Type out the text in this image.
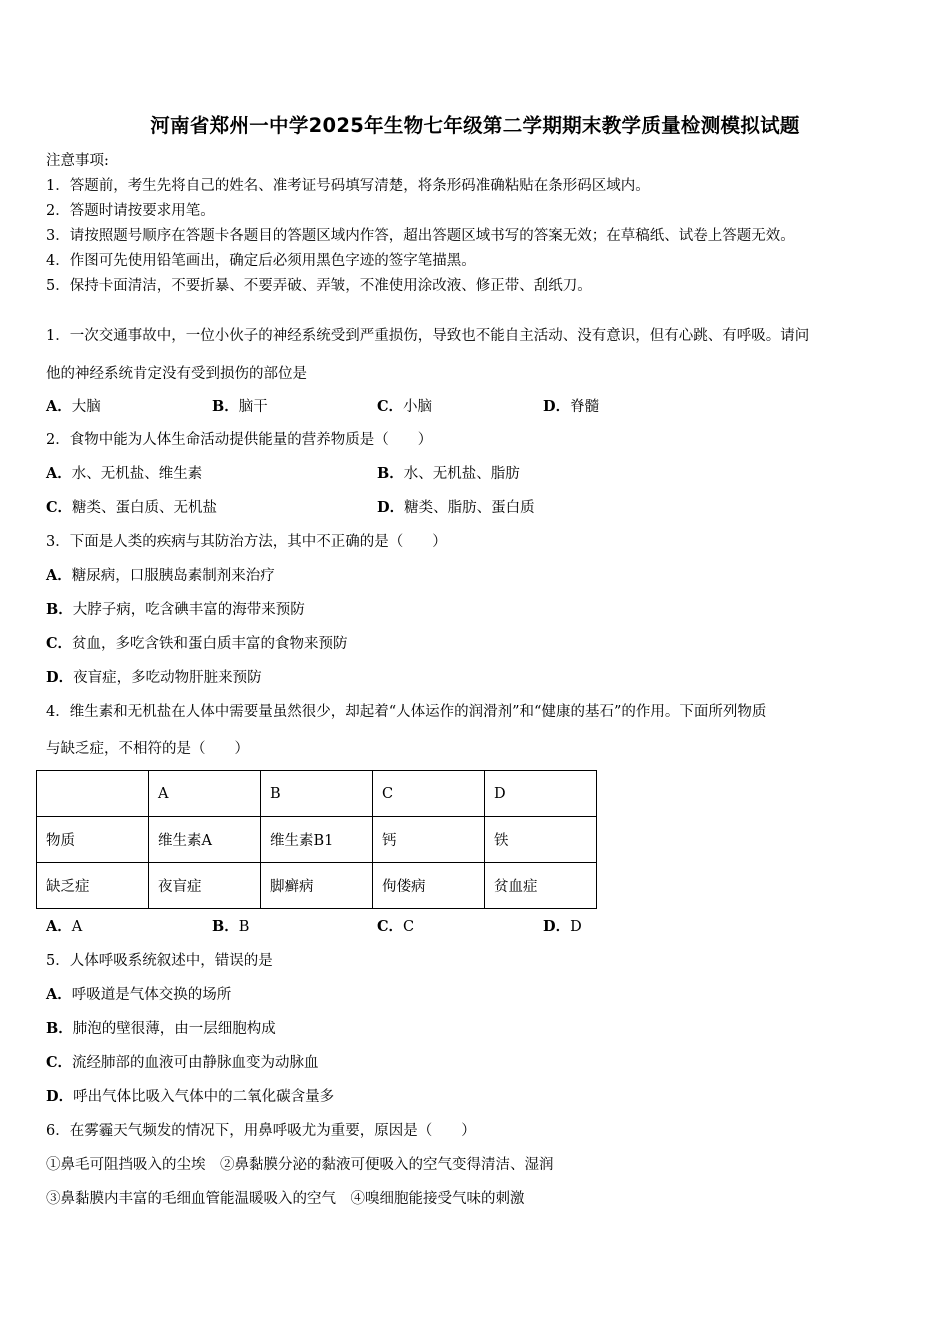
河南省郑州一中学2025年生物七年级第二学期期末教学质量检测模拟试题
注意事项:
1．答题前，考生先将自己的姓名、准考证号码填写清楚，将条形码准确粘贴在条形码区域内。
2．答题时请按要求用笔。
3．请按照题号顺序在答题卡各题目的答题区域内作答，超出答题区域书写的答案无效；在草稿纸、试卷上答题无效。
4．作图可先使用铅笔画出，确定后必须用黑色字迹的签字笔描黑。
5．保持卡面清洁，不要折暴、不要弄破、弄皱，不准使用涂改液、修正带、刮纸刀。
1．一次交通事故中，一位小伙子的神经系统受到严重损伤，导致也不能自主活动、没有意识，但有心跳、有呼吸。请问
他的神经系统肯定没有受到损伤的部位是
A．大脑	B．脑干	C．小脑	D．脊髓
2．食物中能为人体生命活动提供能量的营养物质是（　　）
A．水、无机盐、维生素	B．水、无机盐、脂肪
C．糖类、蛋白质、无机盐	D．糖类、脂肪、蛋白质
3．下面是人类的疾病与其防治方法，其中不正确的是（　　）
A．糖尿病，口服胰岛素制剂来治疗
B．大脖子病，吃含碘丰富的海带来预防
C．贫血，多吃含铁和蛋白质丰富的食物来预防
D．夜盲症，多吃动物肝脏来预防
4．维生素和无机盐在人体中需要量虽然很少，却起着“人体运作的润滑剂”和“健康的基石”的作用。下面所列物质
与缺乏症，不相符的是（　　）
	A	B	C	D
物质	维生素A	维生素B1	钙	铁
缺乏症	夜盲症	脚癣病	佝偻病	贫血症
A．A	B．B	C．C	D．D
5．人体呼吸系统叙述中，错误的是
A．呼吸道是气体交换的场所
B．肺泡的壁很薄，由一层细胞构成
C．流经肺部的血液可由静脉血变为动脉血
D．呼出气体比吸入气体中的二氧化碳含量多
6．在雾霾天气频发的情况下，用鼻呼吸尤为重要，原因是（　　）
①鼻毛可阻挡吸入的尘埃　②鼻黏膜分泌的黏液可便吸入的空气变得清洁、湿润
③鼻黏膜内丰富的毛细血管能温暖吸入的空气　④嗅细胞能接受气味的刺激
